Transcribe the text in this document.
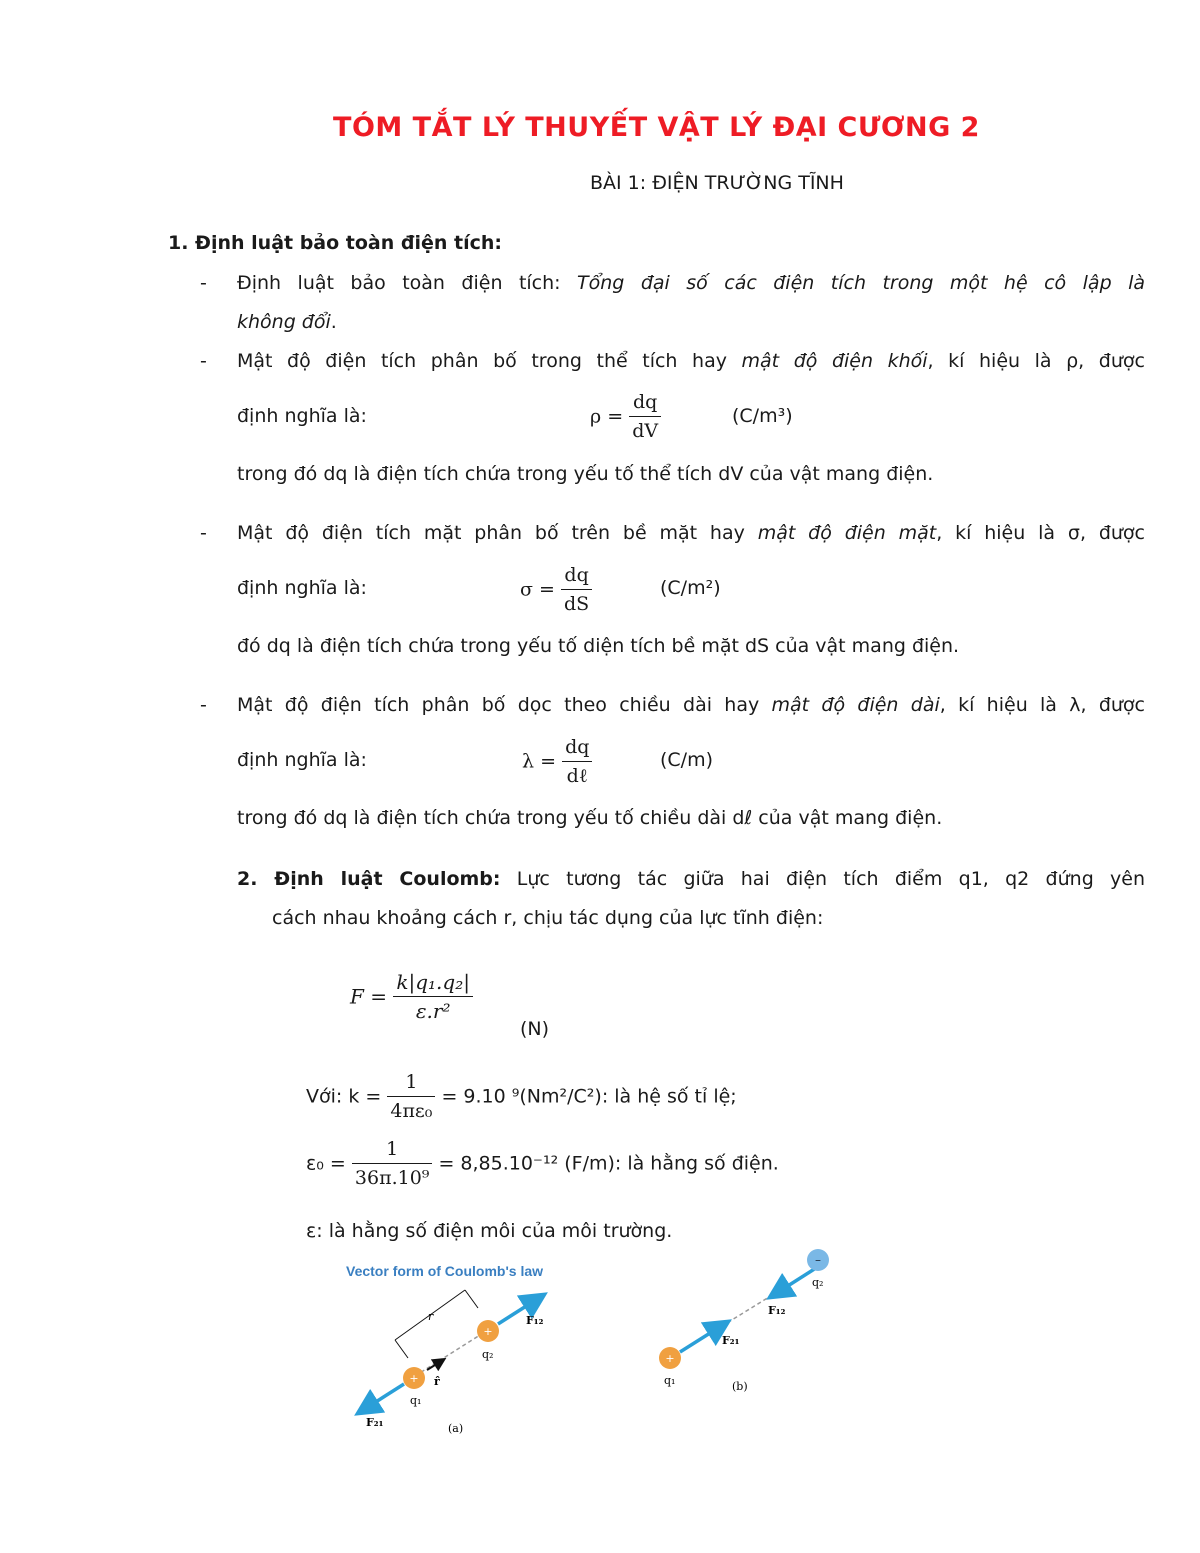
TÓM TẮT LÝ THUYẾT VẬT LÝ ĐẠI CƯƠNG 2
BÀI 1: ĐIỆN TRƯỜNG TĨNH
1. Định luật bảo toàn điện tích:
- Định luật bảo toàn điện tích: Tổng đại số các điện tích trong một hệ cô lập là
không đổi.
- Mật độ điện tích phân bố trong thể tích hay mật độ điện khối, kí hiệu là ρ, được
định nghĩa là:	$\rho = \frac{dq}{dV}$	(C/m³)
trong đó dq là điện tích chứa trong yếu tố thể tích dV của vật mang điện.
- Mật độ điện tích mặt phân bố trên bề mặt hay mật độ điện mặt, kí hiệu là σ, được
định nghĩa là:	$\sigma = \frac{dq}{dS}$	(C/m²)
đó dq là điện tích chứa trong yếu tố diện tích bề mặt dS của vật mang điện.
- Mật độ điện tích phân bố dọc theo chiều dài hay mật độ điện dài, kí hiệu là λ, được
định nghĩa là:	$\lambda = \frac{dq}{\text{dℓ}}$	(C/m)
trong đó dq là điện tích chứa trong yếu tố chiều dài dℓ của vật mang điện.
2. Định luật Coulomb: Lực tương tác giữa hai điện tích điểm q1, q2 đứng yên
cách nhau khoảng cách r, chịu tác dụng của lực tĩnh điện:
$F = \frac{\text{k|q₁.q₂|}}{\text{ε.r²}}$
(N)
Với: $k = \frac{1}{\text{4πε₀}} = 9.10$ ⁹(Nm²/C²): là hệ số tỉ lệ;
$\varepsilon_0 = \frac{1}{\text{36π.10⁹}} = 8,85.10^{-12}$ (F/m): là hằng số điện.
ε: là hằng số điện môi của môi trường.
Vector form of Coulomb's law
+
+
q₁
q₂
F₁₂
F₂₁
r
r̂
(a)
+
–
q₁
q₂
F₁₂
F₂₁
(b)
